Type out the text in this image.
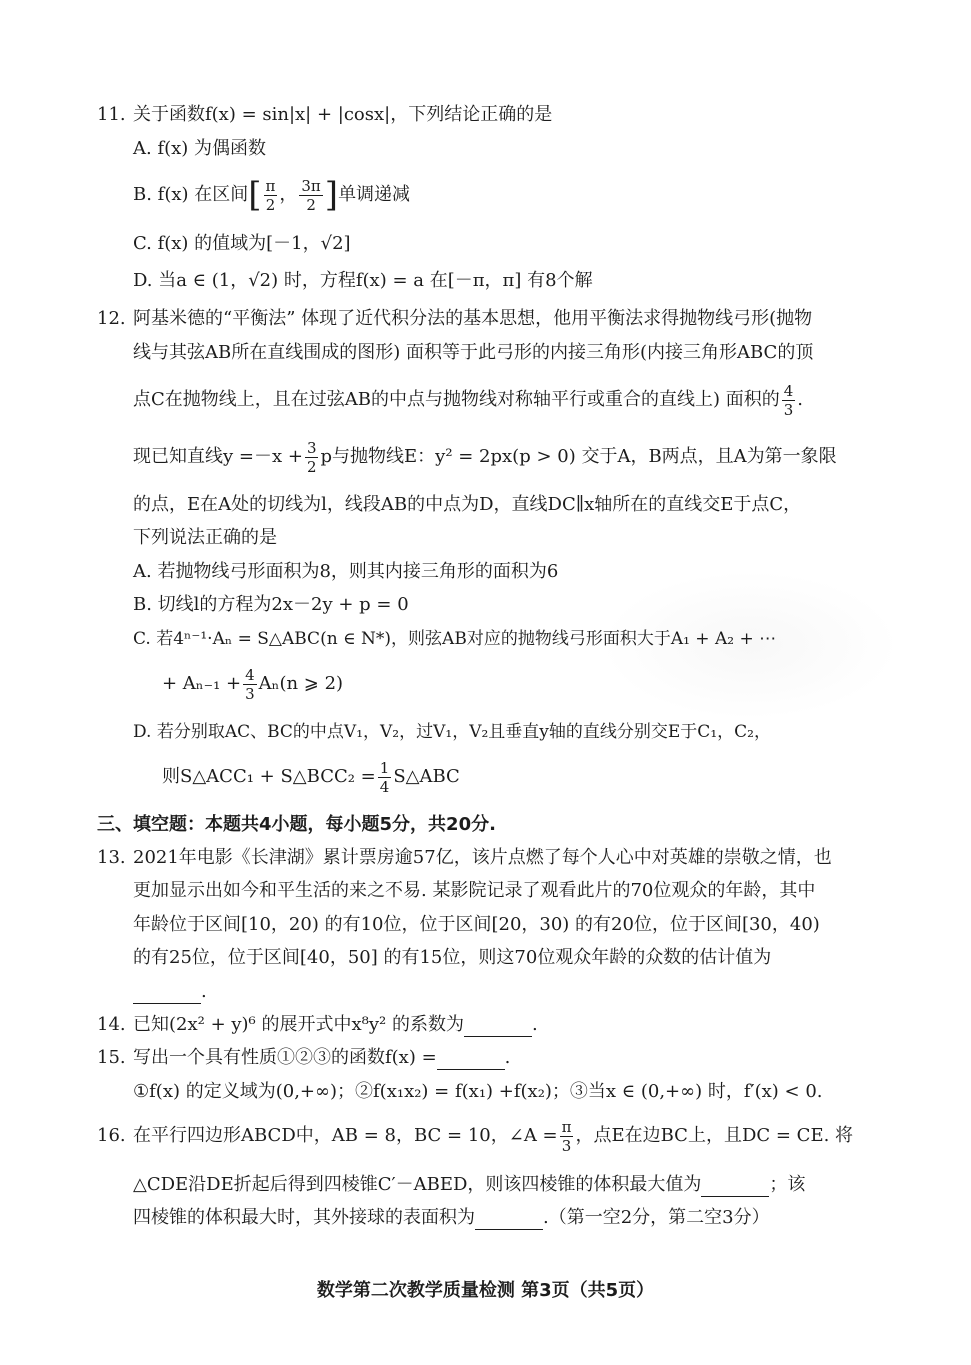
11. 关于函数f(x) = sin|x| + |cosx|，下列结论正确的是
A. f(x) 为偶函数
B. f(x) 在区间[ $\frac{\pi}{2}$ ， $\frac{3\pi}{2}$ ]单调递减
C. f(x) 的值域为[－1，√2]
D. 当a ∈ (1，√2) 时，方程f(x) = a 在[－π，π] 有8个解
12. 阿基米德的“平衡法” 体现了近代积分法的基本思想，他用平衡法求得抛物线弓形(抛物
线与其弦AB所在直线围成的图形) 面积等于此弓形的内接三角形(内接三角形ABC的顶
点C在抛物线上，且在过弦AB的中点与抛物线对称轴平行或重合的直线上) 面积的 $\frac{4}{3}$ .
现已知直线$y =-x + \frac{3}{2}$ p与抛物线E：y² = 2px(p > 0) 交于A，B两点，且A为第一象限
的点，E在A处的切线为l，线段AB的中点为D，直线DC∥x轴所在的直线交E于点C，
下列说法正确的是
A. 若抛物线弓形面积为8，则其内接三角形的面积为6
B. 切线l的方程为2x－2y + p = 0
C. 若4ⁿ⁻¹·Aₙ = S△ABC(n ∈ N*)，则弦AB对应的抛物线弓形面积大于A₁ + A₂ + ⋯
+ $A_{n-1} + \frac{4}{3} A_n(n$ ⩾ 2)
D. 若分别取AC、BC的中点V₁，V₂，过V₁，V₂且垂直y轴的直线分别交E于C₁，C₂，
则S△ACC₁ + S△BCC₂ = $\frac{1}{4}$ S△ABC
三、填空题：本题共4小题，每小题5分，共20分.
13. 2021年电影《长津湖》累计票房逾57亿，该片点燃了每个人心中对英雄的崇敬之情，也
更加显示出如今和平生活的来之不易. 某影院记录了观看此片的70位观众的年龄，其中
年龄位于区间[10，20) 的有10位，位于区间[20，30) 的有20位，位于区间[30，40)
的有25位，位于区间[40，50] 的有15位，则这70位观众年龄的众数的估计值为
.
14. 已知(2x² + y)⁶ 的展开式中x⁸y² 的系数为	.
15. 写出一个具有性质①②③的函数f(x) =	.
①f(x) 的定义域为(0,+∞)；②f(x₁x₂) = f(x₁) +f(x₂)；③当x ∈ (0,+∞) 时，f′(x) < 0.
16. 在平行四边形ABCD中，AB = 8，BC = 10，∠A = $\frac{\pi}{3}$ ，点E在边BC上，且DC = CE. 将
△CDE沿DE折起后得到四棱锥C′－ABED，则该四棱锥的体积最大值为	；该
四棱锥的体积最大时，其外接球的表面积为	.（第一空2分，第二空3分）
数学第二次教学质量检测 第3页（共5页）
